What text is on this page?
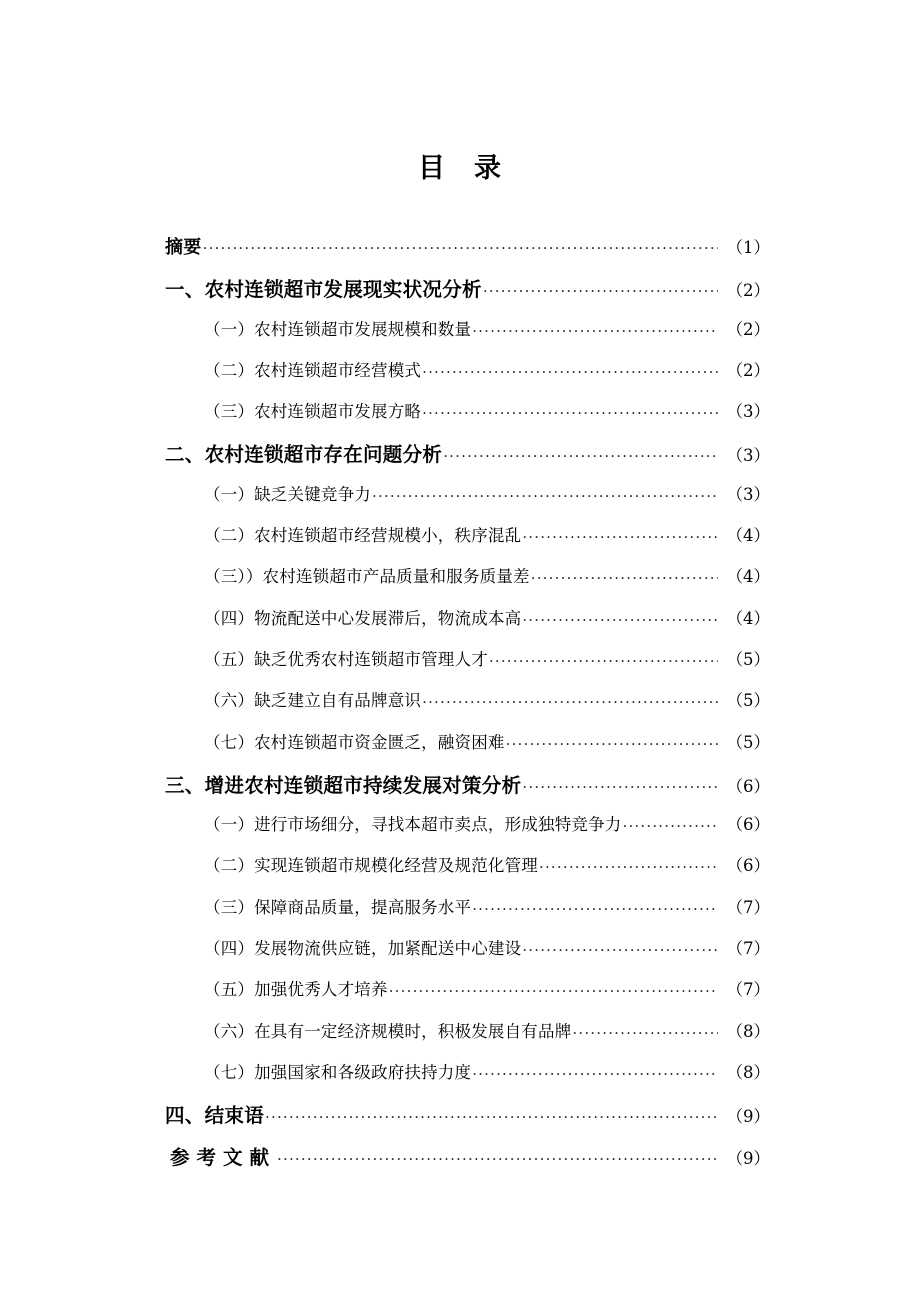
目　录
摘要 .....	（1）
一、农村连锁超市发展现实状况分析 .....	（2）
（一）农村连锁超市发展规模和数量 .....	（2）
（二）农村连锁超市经营模式 .....	（2）
（三）农村连锁超市发展方略 .....	（3）
二、农村连锁超市存在问题分析 .....	（3）
（一）缺乏关键竞争力 .....	（3）
（二）农村连锁超市经营规模小，秩序混乱 .....	（4）
（三））农村连锁超市产品质量和服务质量差 .....	（4）
（四）物流配送中心发展滞后，物流成本高 .....	（4）
（五）缺乏优秀农村连锁超市管理人才 .....	（5）
（六）缺乏建立自有品牌意识 .....	（5）
（七）农村连锁超市资金匮乏，融资困难 .....	（5）
三、增进农村连锁超市持续发展对策分析 .....	（6）
（一）进行市场细分，寻找本超市卖点，形成独特竞争力 .....	（6）
（二）实现连锁超市规模化经营及规范化管理 .....	（6）
（三）保障商品质量，提高服务水平 .....	（7）
（四）发展物流供应链，加紧配送中心建设 .....	（7）
（五）加强优秀人才培养 .....	（7）
（六）在具有一定经济规模时，积极发展自有品牌 .....	（8）
（七）加强国家和各级政府扶持力度 .....	（8）
四、结束语 .....	（9）
参考文献 .....	（9）
